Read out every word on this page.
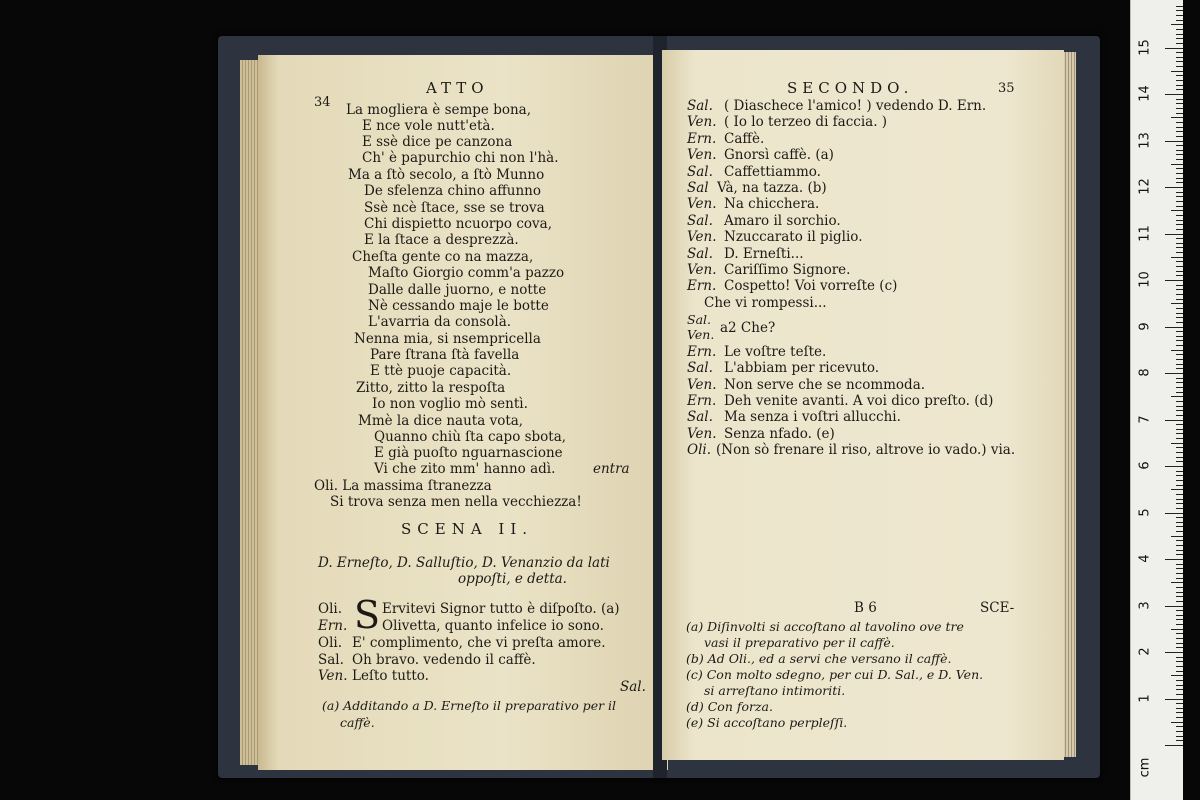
34
ATTO
La mogliera è sempe bona,
E nce vole nutt'età.
E ssè dice pe canzona
Ch' è papurchio chi non l'hà.
Ma a ſtò secolo, a ſtò Munno
De sfelenza chino affunno
Ssè ncè ſtace, sse se trova
Chi dispietto ncuorpo cova,
E la ſtace a desprezzà.
Cheſta gente co na mazza,
Maſto Giorgio comm'a pazzo
Dalle dalle juorno, e notte
Nè cessando maje le botte
L'avarria da consolà.
Nenna mia, si nsempricella
Pare ſtrana ſtà favella
E ttè puoje capacità.
Zitto, zitto la respoſta
Io non voglio mò sentì.
Mmè la dice nauta vota,
Quanno chiù ſta capo sbota,
E già puoſto nguarnascione
Vi che zito mm' hanno adì.	entra
Oli. La massima ſtranezza
Si trova senza men nella vecchiezza!
SCENA II.
D. Erneſto, D. Salluſtio, D. Venanzio da lati
oppoſti, e detta.
S
Oli.	Ervitevi Signor tutto è diſpoſto. (a)
Ern.	Olivetta, quanto infelice io sono.
Oli. E' complimento, che vi preſta amore.
Sal. Oh bravo. vedendo il caffè.
Ven. Leſto tutto.
Sal.
(a) Additando a D. Erneſto il preparativo per il
caffè.
SECONDO.	35
Sal. ( Diaschece l'amico! ) vedendo D. Ern.
Ven. ( Io lo terzeo di faccia. )
Ern. Caffè.
Ven. Gnorsì caffè. (a)
Sal. Caffettiammo.
Sal Và, na tazza. (b)
Ven. Na chicchera.
Sal. Amaro il sorchio.
Ven. Nzuccarato il piglio.
Sal. D. Erneſti...
Ven. Cariſſimo Signore.
Ern. Cospetto! Voi vorreſte (c)
Che vi rompessi...
Sal.
Ven. a2 Che?
Ern. Le voſtre teſte.
Sal. L'abbiam per ricevuto.
Ven. Non serve che se ncommoda.
Ern. Deh venite avanti. A voi dico preſto. (d)
Sal. Ma senza i voſtri allucchi.
Ven. Senza nfado. (e)
Oli. (Non sò frenare il riso, altrove io vado.) via.
B 6	SCE-
(a) Diſinvolti si accoſtano al tavolino ove tre
vasi il preparativo per il caffè.
(b) Ad Oli., ed a servi che versano il caffè.
(c) Con molto sdegno, per cui D. Sal., e D. Ven.
si arreſtano intimoriti.
(d) Con forza.
(e) Si accoſtano perpleſſi.
cm
1
2
3
4
5
6
7
8
9
10
11
12
13
14
15
